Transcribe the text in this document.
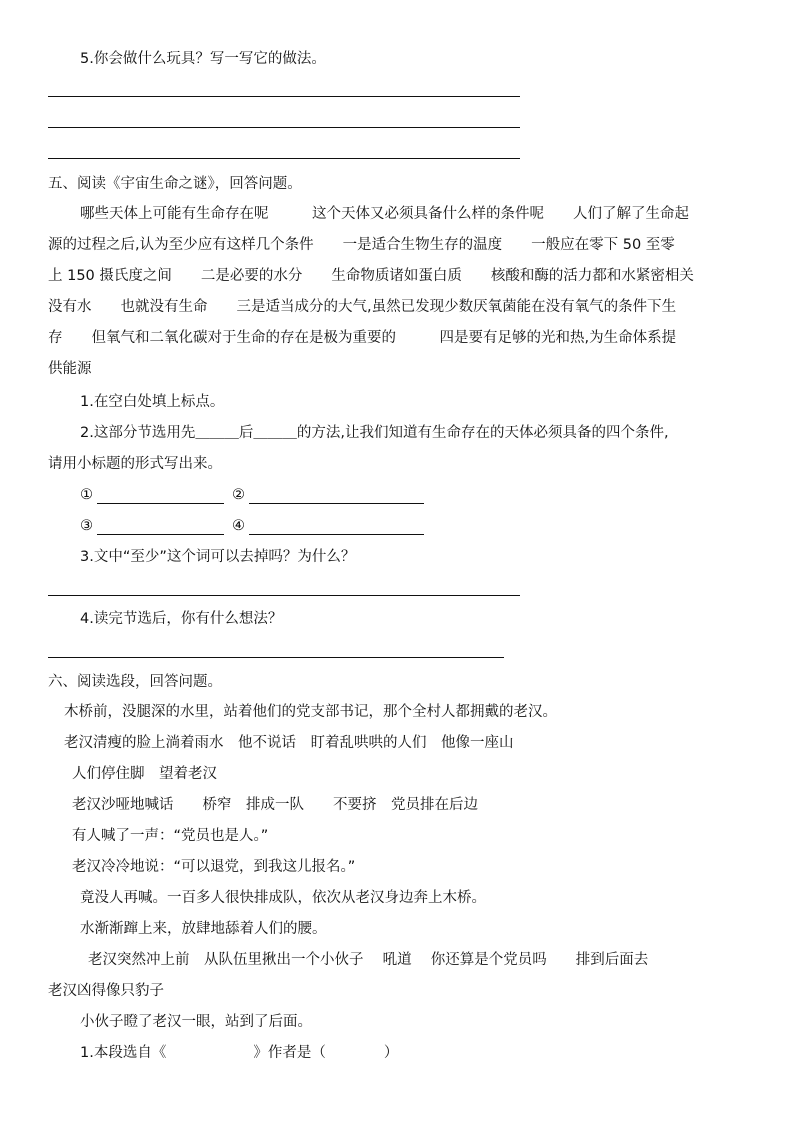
5.你会做什么玩具？写一写它的做法。
五、阅读《宇宙生命之谜》，回答问题。
哪些天体上可能有生命存在呢　　　这个天体又必须具备什么样的条件呢　　人们了解了生命起
源的过程之后,认为至少应有这样几个条件　　一是适合生物生存的温度　　一般应在零下 50 至零
上 150 摄氏度之间　　二是必要的水分　　生命物质诸如蛋白质　　核酸和酶的活力都和水紧密相关
没有水　　也就没有生命　　三是适当成分的大气,虽然已发现少数厌氧菌能在没有氧气的条件下生
存　　但氧气和二氧化碳对于生命的存在是极为重要的　　　四是要有足够的光和热,为生命体系提
供能源
1.在空白处填上标点。
2.这部分节选用先＿＿＿后＿＿＿的方法,让我们知道有生命存在的天体必须具备的四个条件,
请用小标题的形式写出来。
①	②
③	④
3.文中“至少”这个词可以去掉吗？为什么？
4.读完节选后，你有什么想法？
六、阅读选段，回答问题。
木桥前，没腿深的水里，站着他们的党支部书记，那个全村人都拥戴的老汉。
老汉清瘦的脸上淌着雨水　他不说话　盯着乱哄哄的人们　他像一座山
人们停住脚　望着老汉
老汉沙哑地喊话　　桥窄　排成一队　　不要挤　党员排在后边
有人喊了一声：“党员也是人。”
老汉冷冷地说：“可以退党，到我这儿报名。”
竟没人再喊。一百多人很快排成队，依次从老汉身边奔上木桥。
水渐渐蹿上来，放肆地舔着人们的腰。
老汉突然冲上前　从队伍里揪出一个小伙子　 吼道　 你还算是个党员吗　　排到后面去
老汉凶得像只豹子
小伙子瞪了老汉一眼，站到了后面。
1.本段选自《　　　　　　》作者是（　　　　）
